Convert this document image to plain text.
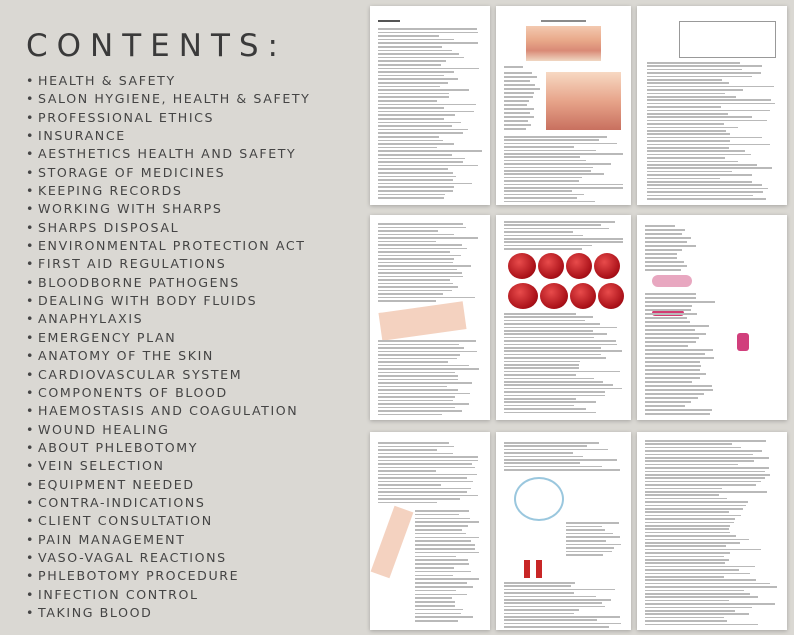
CONTENTS:
• HEALTH & SAFETY
• SALON HYGIENE, HEALTH & SAFETY
• PROFESSIONAL ETHICS
• INSURANCE
• AESTHETICS HEALTH AND SAFETY
• STORAGE OF MEDICINES
• KEEPING RECORDS
• WORKING WITH SHARPS
• SHARPS DISPOSAL
• ENVIRONMENTAL PROTECTION ACT
• FIRST AID REGULATIONS
• BLOODBORNE PATHOGENS
• DEALING WITH BODY FLUIDS
• ANAPHYLAXIS
• EMERGENCY PLAN
• ANATOMY OF THE SKIN
• CARDIOVASCULAR SYSTEM
• COMPONENTS OF BLOOD
• HAEMOSTASIS AND COAGULATION
• WOUND HEALING
• ABOUT PHLEBOTOMY
• VEIN SELECTION
• EQUIPMENT NEEDED
• CONTRA-INDICATIONS
• CLIENT CONSULTATION
• PAIN MANAGEMENT
• VASO-VAGAL REACTIONS
• PHLEBOTOMY PROCEDURE
• INFECTION CONTROL
• TAKING BLOOD
